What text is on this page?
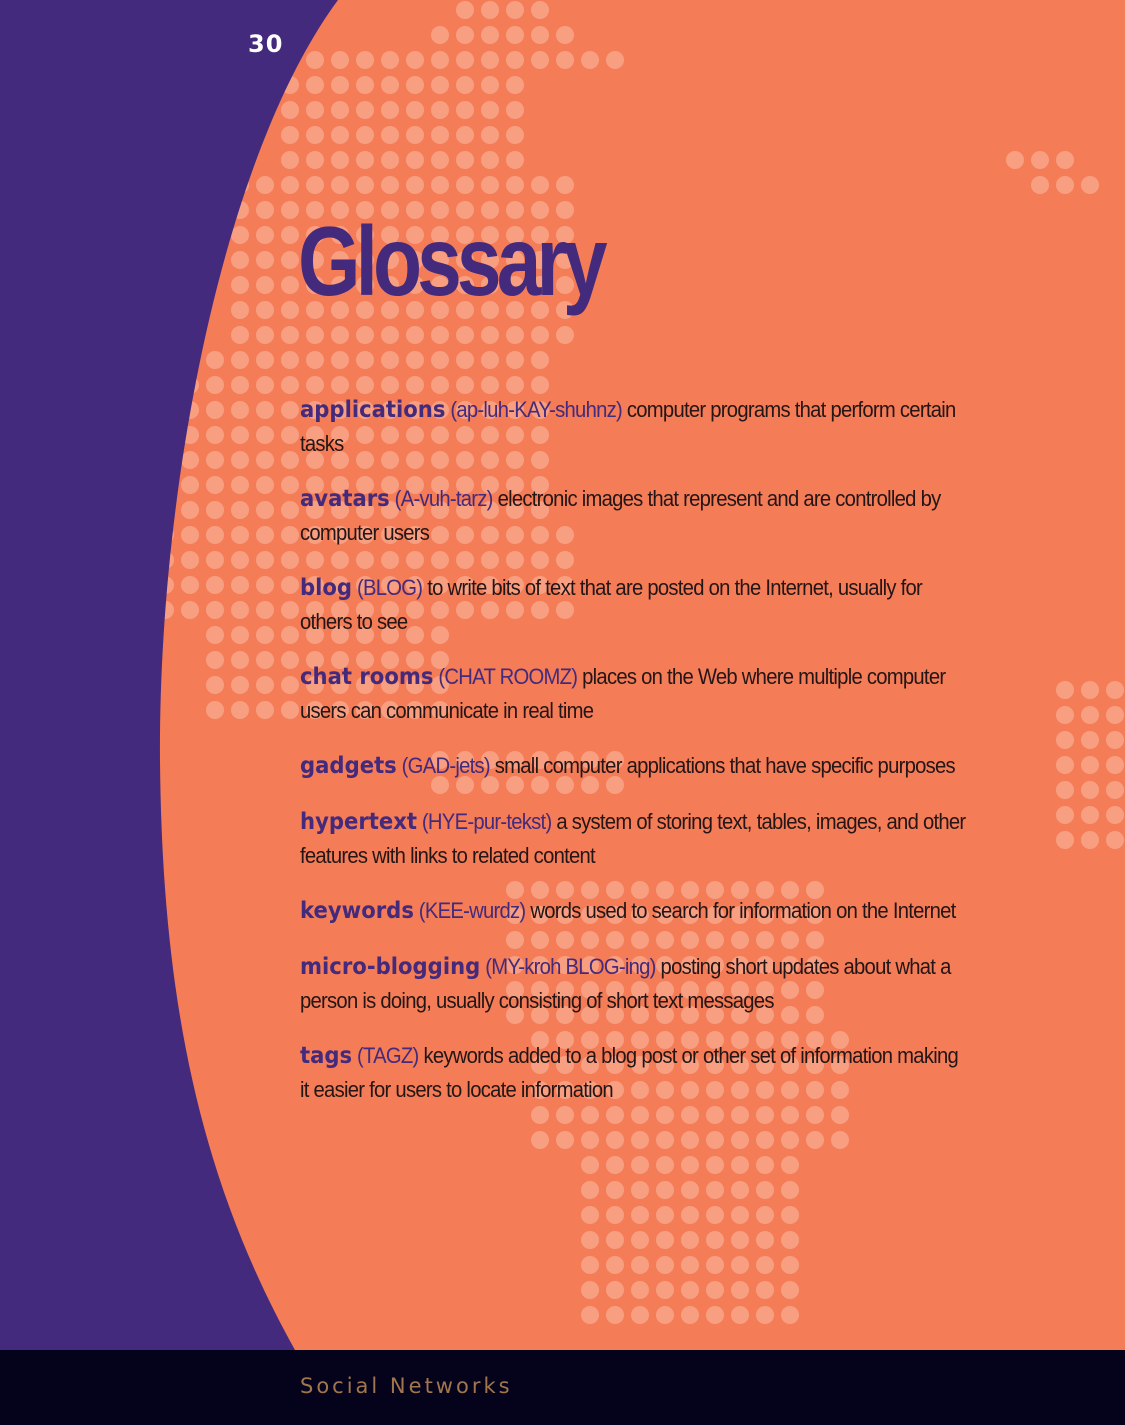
30
Glossary

applications (ap-luh-KAY-shuhnz) computer programs that perform certain tasks

avatars (A-vuh-tarz) electronic images that represent and are controlled by computer users

blog (BLOG) to write bits of text that are posted on the Internet, usually for others to see

chat rooms (CHAT ROOMZ) places on the Web where multiple computer users can communicate in real time

gadgets (GAD-jets) small computer applications that have specific purposes

hypertext (HYE-pur-tekst) a system of storing text, tables, images, and other features with links to related content

keywords (KEE-wurdz) words used to search for information on the Internet

micro-blogging (MY-kroh BLOG-ing) posting short updates about what a person is doing, usually consisting of short text messages

tags (TAGZ) keywords added to a blog post or other set of information making it easier for users to locate information

Social Networks
